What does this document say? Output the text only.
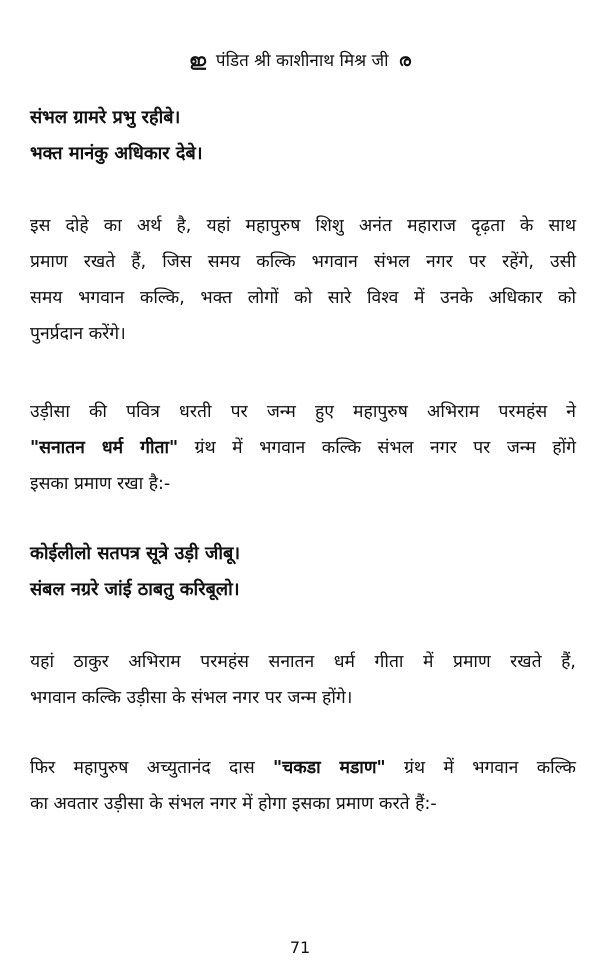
ഇ पंडित श्री काशीनाथ मिश्र जी ര
संभल ग्रामरे प्रभु रहीबे।
भक्त मानंकु अधिकार देबे।
इस दोहे का अर्थ है, यहां महापुरुष शिशु अनंत महाराज दृढ़ता के साथ
प्रमाण रखते हैं, जिस समय कल्कि भगवान संभल नगर पर रहेंगे, उसी
समय भगवान कल्कि, भक्त लोगों को सारे विश्व में उनके अधिकार को
पुनर्प्रदान करेंगे।
उड़ीसा की पवित्र धरती पर जन्म हुए महापुरुष अभिराम परमहंस ने
"सनातन धर्म गीता" ग्रंथ में भगवान कल्कि संभल नगर पर जन्म होंगे
इसका प्रमाण रखा है:-
कोईलीलो सतपत्र सूत्रे उड़ी जीबू।
संबल नग्ररे जांई ठाबतु करिबूलो।
यहां ठाकुर अभिराम परमहंस सनातन धर्म गीता में प्रमाण रखते हैं,
भगवान कल्कि उड़ीसा के संभल नगर पर जन्म होंगे।
फिर महापुरुष अच्युतानंद दास "चकडा मडाण" ग्रंथ में भगवान कल्कि
का अवतार उड़ीसा के संभल नगर में होगा इसका प्रमाण करते हैं:-
71
